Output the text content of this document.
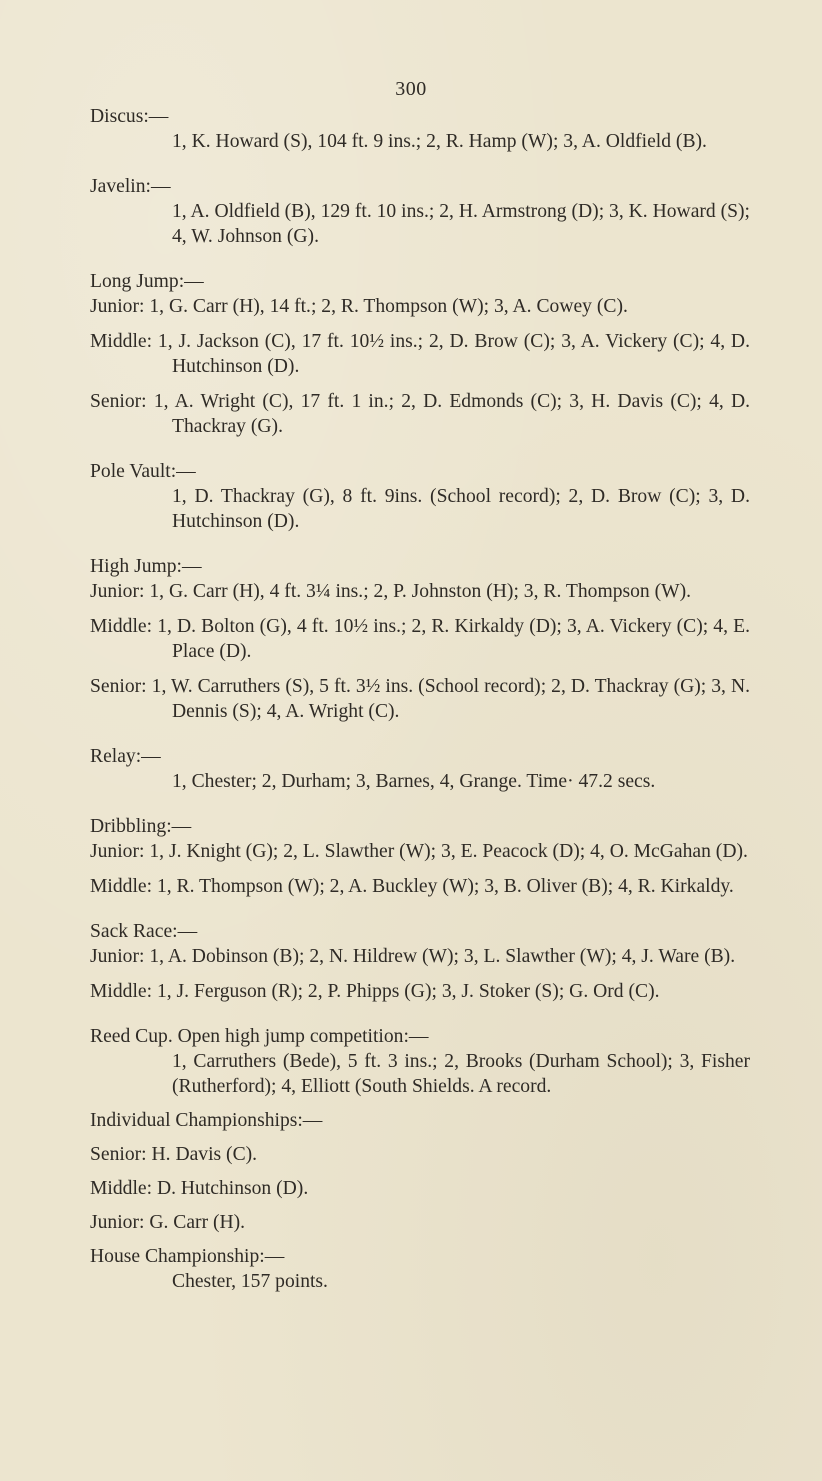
300

Discus:—

1, K. Howard (S), 104 ft. 9 ins.; 2, R. Hamp (W); 3, A. Oldfield (B).

Javelin:—

1, A. Oldfield (B), 129 ft. 10 ins.; 2, H. Armstrong (D); 3, K. Howard (S); 4, W. Johnson (G).

Long Jump:—

Junior: 1, G. Carr (H), 14 ft.; 2, R. Thompson (W); 3, A. Cowey (C).

Middle: 1, J. Jackson (C), 17 ft. 10½ ins.; 2, D. Brow (C); 3, A. Vickery (C); 4, D. Hutchinson (D).

Senior: 1, A. Wright (C), 17 ft. 1 in.; 2, D. Edmonds (C); 3, H. Davis (C); 4, D. Thackray (G).

Pole Vault:—

1, D. Thackray (G), 8 ft. 9ins. (School record); 2, D. Brow (C); 3, D. Hutchinson (D).

High Jump:—

Junior: 1, G. Carr (H), 4 ft. 3¼ ins.; 2, P. Johnston (H); 3, R. Thompson (W).

Middle: 1, D. Bolton (G), 4 ft. 10½ ins.; 2, R. Kirkaldy (D); 3, A. Vickery (C); 4, E. Place (D).

Senior: 1, W. Carruthers (S), 5 ft. 3½ ins. (School record); 2, D. Thackray (G); 3, N. Dennis (S); 4, A. Wright (C).

Relay:—

1, Chester; 2, Durham; 3, Barnes, 4, Grange. Time· 47.2 secs.

Dribbling:—

Junior: 1, J. Knight (G); 2, L. Slawther (W); 3, E. Peacock (D); 4, O. McGahan (D).

Middle: 1, R. Thompson (W); 2, A. Buckley (W); 3, B. Oliver (B); 4, R. Kirkaldy.

Sack Race:—

Junior: 1, A. Dobinson (B); 2, N. Hildrew (W); 3, L. Slawther (W); 4, J. Ware (B).

Middle: 1, J. Ferguson (R); 2, P. Phipps (G); 3, J. Stoker (S); G. Ord (C).

Reed Cup. Open high jump competition:—

1, Carruthers (Bede), 5 ft. 3 ins.; 2, Brooks (Durham School); 3, Fisher (Rutherford); 4, Elliott (South Shields. A record.

Individual Championships:—

Senior: H. Davis (C).

Middle: D. Hutchinson (D).

Junior: G. Carr (H).

House Championship:—

Chester, 157 points.
